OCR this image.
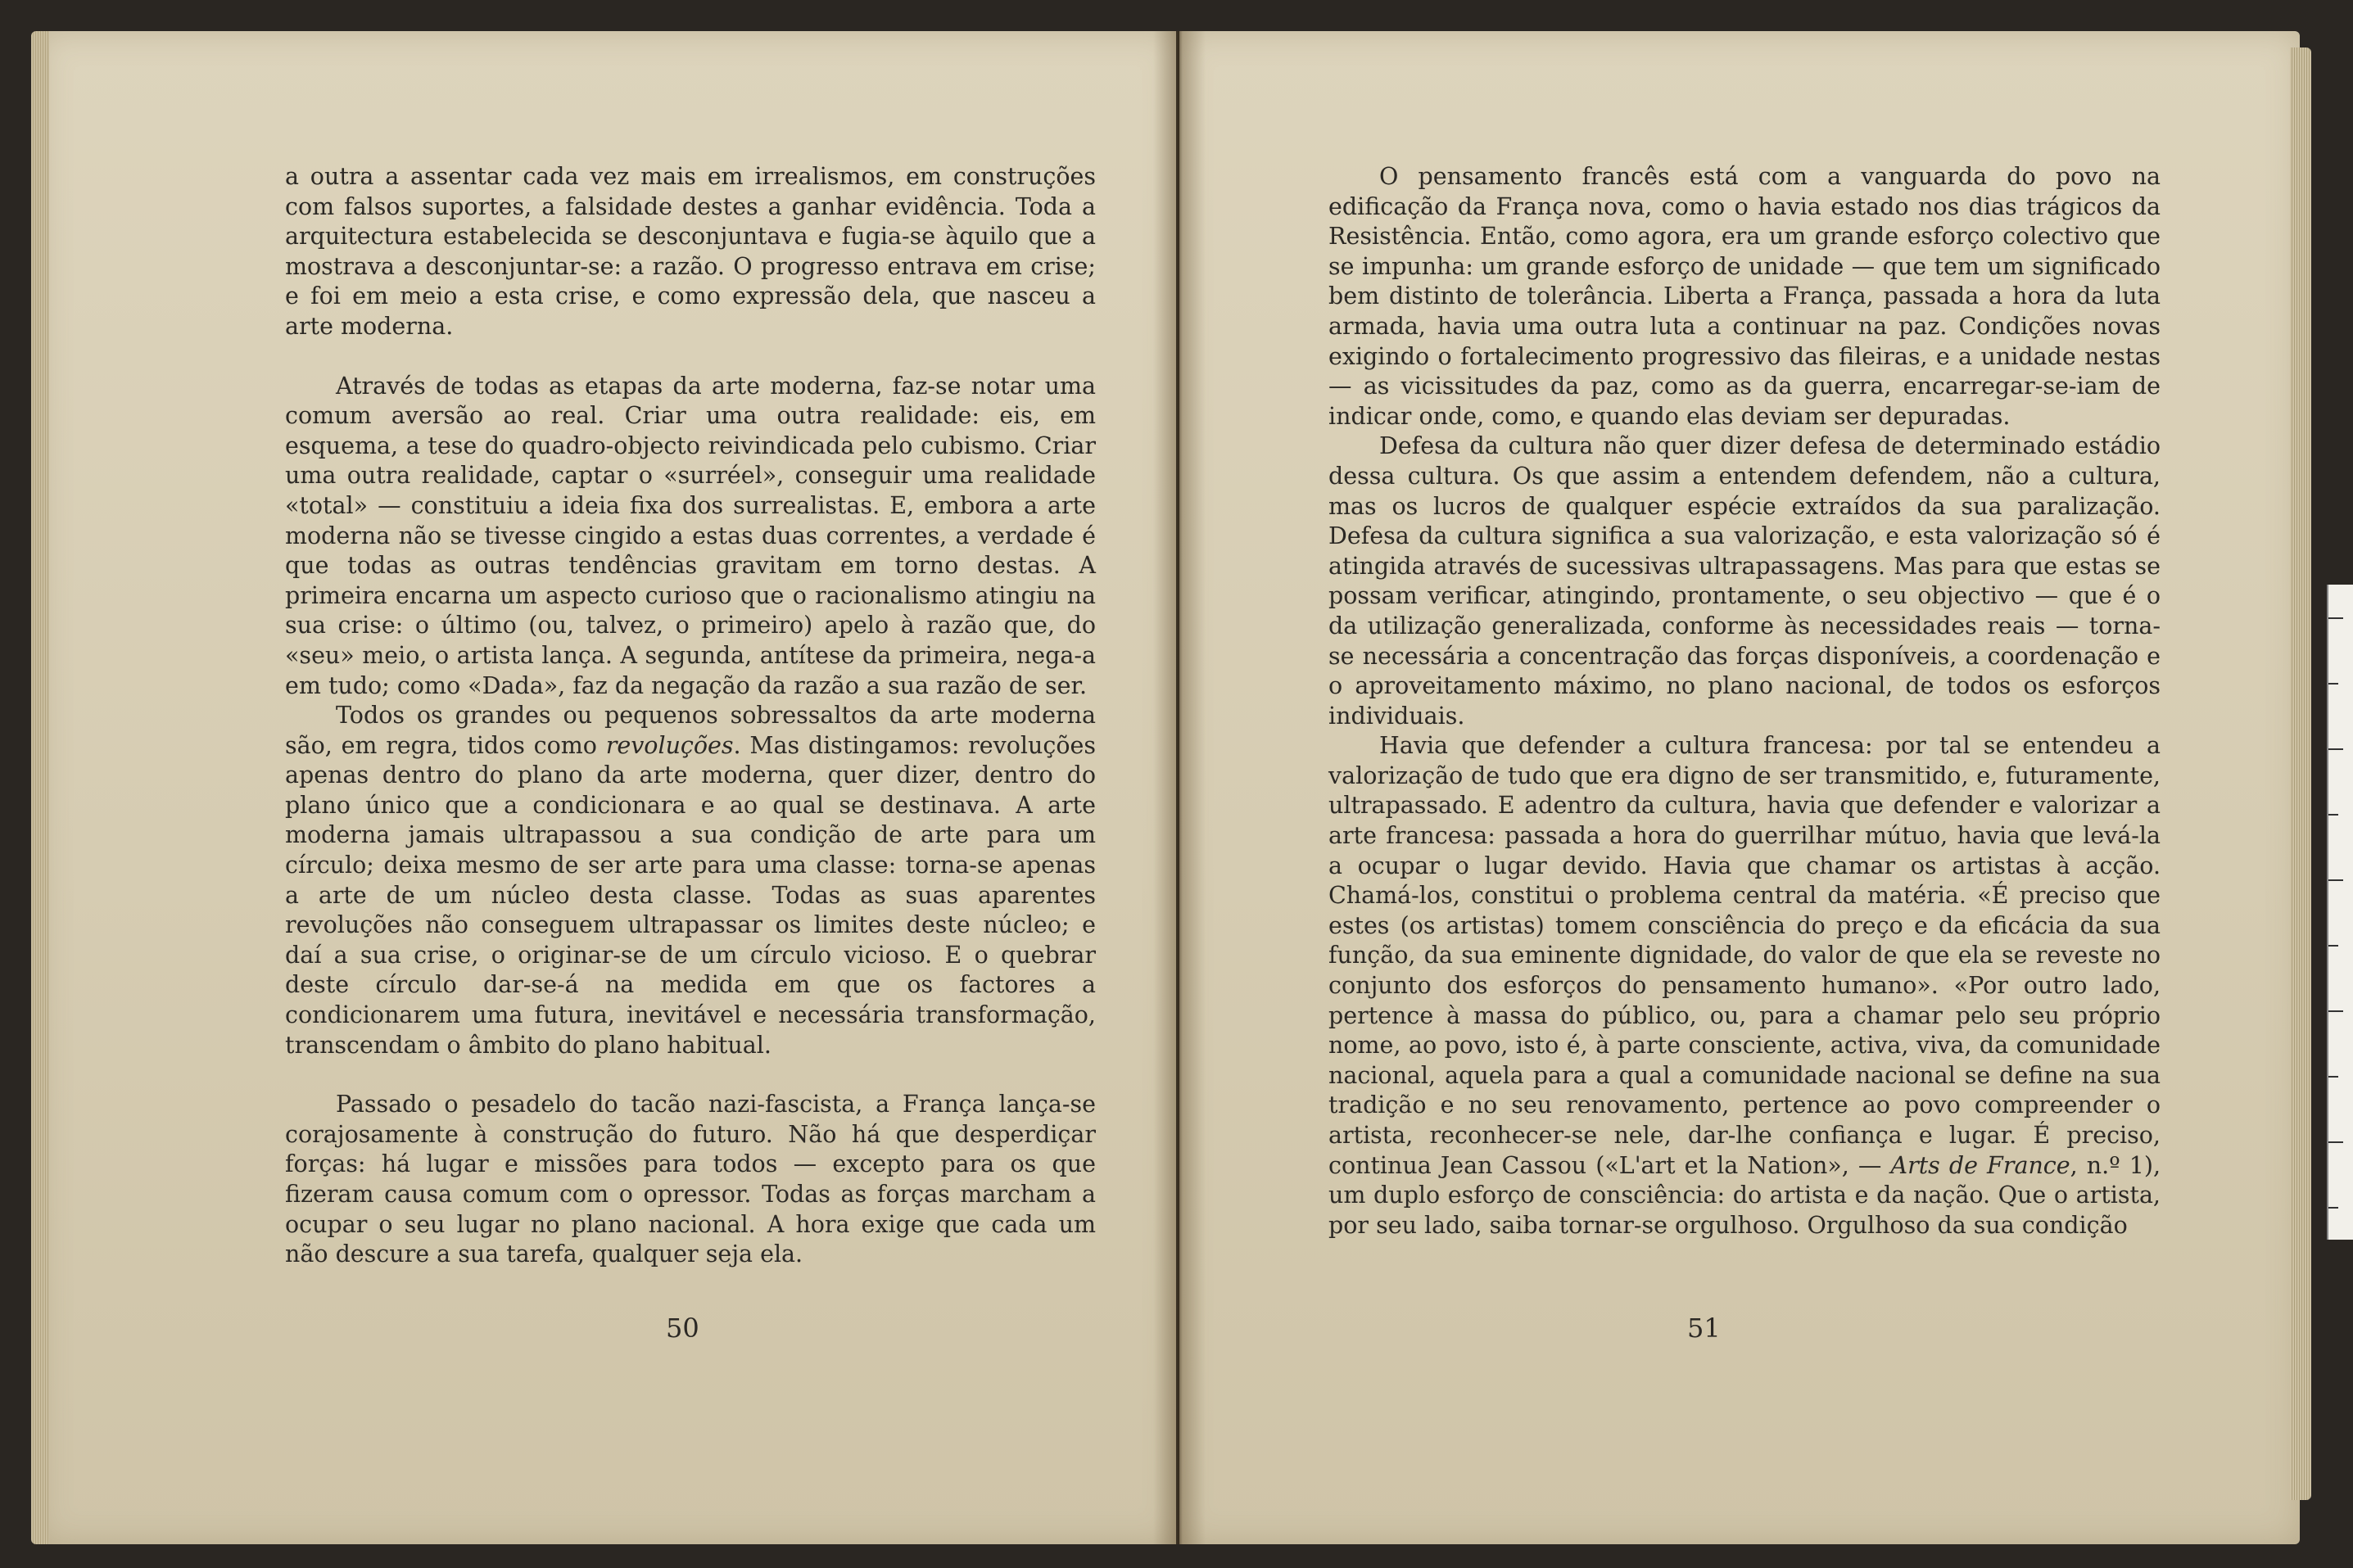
a outra a assentar cada vez mais em irrealismos, em construções com falsos suportes, a falsidade destes a ganhar evidência. Toda a arquitectura estabelecida se desconjuntava e fugia-se àquilo que a mostrava a desconjuntar-se: a razão. O progresso entrava em crise; e foi em meio a esta crise, e como expressão dela, que nasceu a arte moderna.

Através de todas as etapas da arte moderna, faz-se notar uma comum aversão ao real. Criar uma outra realidade: eis, em esquema, a tese do quadro-objecto reivindicada pelo cubismo. Criar uma outra realidade, captar o «surréel», conseguir uma realidade «total» — constituiu a ideia fixa dos surrealistas. E, embora a arte moderna não se tivesse cingido a estas duas correntes, a verdade é que todas as outras tendências gravitam em torno destas. A primeira encarna um aspecto curioso que o racionalismo atingiu na sua crise: o último (ou, talvez, o primeiro) apelo à razão que, do «seu» meio, o artista lança. A segunda, antítese da primeira, nega-a em tudo; como «Dada», faz da negação da razão a sua razão de ser.

Todos os grandes ou pequenos sobressaltos da arte moderna são, em regra, tidos como revoluções. Mas distingamos: revoluções apenas dentro do plano da arte moderna, quer dizer, dentro do plano único que a condicionara e ao qual se destinava. A arte moderna jamais ultrapassou a sua condição de arte para um círculo; deixa mesmo de ser arte para uma classe: torna-se apenas a arte de um núcleo desta classe. Todas as suas aparentes revoluções não conseguem ultrapassar os limites deste núcleo; e daí a sua crise, o originar-se de um círculo vicioso. E o quebrar deste círculo dar-se-á na medida em que os factores a condicionarem uma futura, inevitável e necessária transformação, transcendam o âmbito do plano habitual.

Passado o pesadelo do tacão nazi-fascista, a França lança-se corajosamente à construção do futuro. Não há que desperdiçar forças: há lugar e missões para todos — excepto para os que fizeram causa comum com o opressor. Todas as forças marcham a ocupar o seu lugar no plano nacional. A hora exige que cada um não descure a sua tarefa, qualquer seja ela.

50

O pensamento francês está com a vanguarda do povo na edificação da França nova, como o havia estado nos dias trágicos da Resistência. Então, como agora, era um grande esforço colectivo que se impunha: um grande esforço de unidade — que tem um significado bem distinto de tolerância. Liberta a França, passada a hora da luta armada, havia uma outra luta a continuar na paz. Condições novas exigindo o fortalecimento progressivo das fileiras, e a unidade nestas — as vicissitudes da paz, como as da guerra, encarregar-se-iam de indicar onde, como, e quando elas deviam ser depuradas.

Defesa da cultura não quer dizer defesa de determinado estádio dessa cultura. Os que assim a entendem defendem, não a cultura, mas os lucros de qualquer espécie extraídos da sua paralização. Defesa da cultura significa a sua valorização, e esta valorização só é atingida através de sucessivas ultrapassagens. Mas para que estas se possam verificar, atingindo, prontamente, o seu objectivo — que é o da utilização generalizada, conforme às necessidades reais — torna-se necessária a concentração das forças disponíveis, a coordenação e o aproveitamento máximo, no plano nacional, de todos os esforços individuais.

Havia que defender a cultura francesa: por tal se entendeu a valorização de tudo que era digno de ser transmitido, e, futuramente, ultrapassado. E adentro da cultura, havia que defender e valorizar a arte francesa: passada a hora do guerrilhar mútuo, havia que levá-la a ocupar o lugar devido. Havia que chamar os artistas à acção. Chamá-los, constitui o problema central da matéria. «É preciso que estes (os artistas) tomem consciência do preço e da eficácia da sua função, da sua eminente dignidade, do valor de que ela se reveste no conjunto dos esforços do pensamento humano». «Por outro lado, pertence à massa do público, ou, para a chamar pelo seu próprio nome, ao povo, isto é, à parte consciente, activa, viva, da comunidade nacional, aquela para a qual a comunidade nacional se define na sua tradição e no seu renovamento, pertence ao povo compreender o artista, reconhecer-se nele, dar-lhe confiança e lugar. É preciso, continua Jean Cassou («L'art et la Nation», — Arts de France, n.º 1), um duplo esforço de consciência: do artista e da nação. Que o artista, por seu lado, saiba tornar-se orgulhoso. Orgulhoso da sua condição

51
